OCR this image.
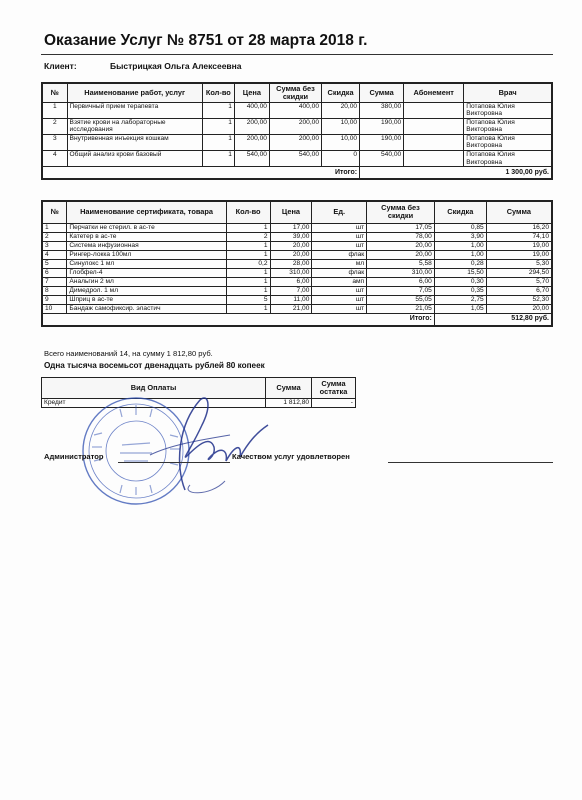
Оказание Услуг № 8751 от 28 марта 2018 г.
Клиент:	Быстрицкая Ольга Алексеевна
№	Наименование работ, услуг	Кол-во	Цена	Сумма без скидки	Скидка	Сумма	Абонемент	Врач
1	Первичный прием терапевта	1	400,00	400,00	20,00	380,00		Потапова Юлия Викторовна
2	Взятие крови на лабораторные исследования	1	200,00	200,00	10,00	190,00		Потапова Юлия Викторовна
3	Внутривенная инъекция кошкам	1	200,00	200,00	10,00	190,00		Потапова Юлия Викторовна
4	Общий анализ крови базовый	1	540,00	540,00	0	540,00		Потапова Юлия Викторовна
Итого:						1 300,00 руб.		
№	Наименование сертификата, товара	Кол-во	Цена	Ед.	Сумма без скидки	Скидка	Сумма
1	Перчатки не стерил. в ас-те	1	17,00	шт	17,05	0,85	16,20
2	Катетер в ас-те	2	39,00	шт	78,00	3,90	74,10
3	Система инфузионная	1	20,00	шт	20,00	1,00	19,00
4	Рингер-локка 100мл	1	20,00	флак	20,00	1,00	19,00
5	Синулокс 1 мл	0,2	28,00	мл	5,58	0,28	5,30
6	Глобфел-4	1	310,00	флак	310,00	15,50	294,50
7	Анальгин 2 мл	1	6,00	амп	6,00	0,30	5,70
8	Димедрол. 1 мл	1	7,00	шт	7,05	0,35	6,70
9	Шприц в ас-те	5	11,00	шт	55,05	2,75	52,30
10	Бандаж самофиксир. эластич	1	21,00	шт	21,05	1,05	20,00
Итого:						512,80 руб.	
Всего наименований 14, на сумму 1 812,80 руб.
Одна тысяча восемьсот двенадцать рублей 80 копеек
Вид Оплаты	Сумма	Сумма остатка
Кредит	1 812,80	-
Администратор	Качеством услуг удовлетворен
